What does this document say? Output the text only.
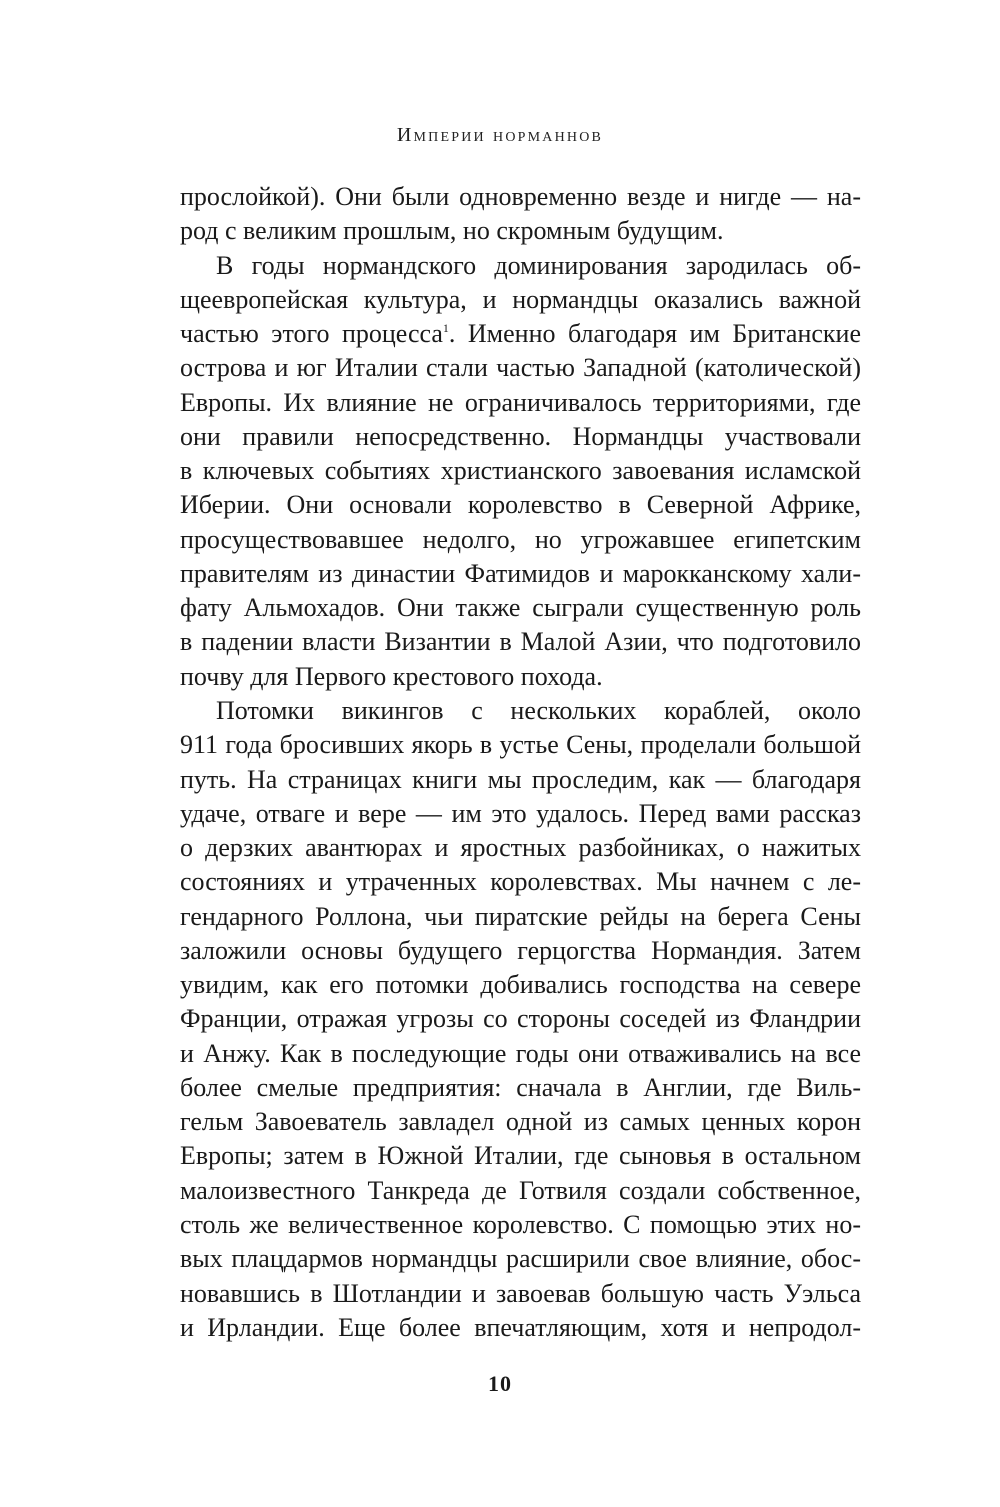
Империи норманнов
прослойкой). Они были одновременно везде и нигде — на-
род с великим прошлым, но скромным будущим.
В годы нормандского доминирования зародилась об-
щеевропейская культура, и нормандцы оказались важной
частью этого процесса$^1$. Именно благодаря им Британские
острова и юг Италии стали частью Западной (католической)
Европы. Их влияние не ограничивалось территориями, где
они правили непосредственно. Нормандцы участвовали
в ключевых событиях христианского завоевания исламской
Иберии. Они основали королевство в Северной Африке,
просуществовавшее недолго, но угрожавшее египетским
правителям из династии Фатимидов и марокканскому хали-
фату Альмохадов. Они также сыграли существенную роль
в падении власти Византии в Малой Азии, что подготовило
почву для Первого крестового похода.
Потомки викингов с нескольких кораблей, около
911 года бросивших якорь в устье Сены, проделали большой
путь. На страницах книги мы проследим, как — благодаря
удаче, отваге и вере — им это удалось. Перед вами рассказ
о дерзких авантюрах и яростных разбойниках, о нажитых
состояниях и утраченных королевствах. Мы начнем с ле-
гендарного Роллона, чьи пиратские рейды на берега Сены
заложили основы будущего герцогства Нормандия. Затем
увидим, как его потомки добивались господства на севере
Франции, отражая угрозы со стороны соседей из Фландрии
и Анжу. Как в последующие годы они отваживались на все
более смелые предприятия: сначала в Англии, где Виль-
гельм Завоеватель завладел одной из самых ценных корон
Европы; затем в Южной Италии, где сыновья в остальном
малоизвестного Танкреда де Готвиля создали собственное,
столь же величественное королевство. С помощью этих но-
вых плацдармов нормандцы расширили свое влияние, обос-
новавшись в Шотландии и завоевав большую часть Уэльса
и Ирландии. Еще более впечатляющим, хотя и непродол-
10
